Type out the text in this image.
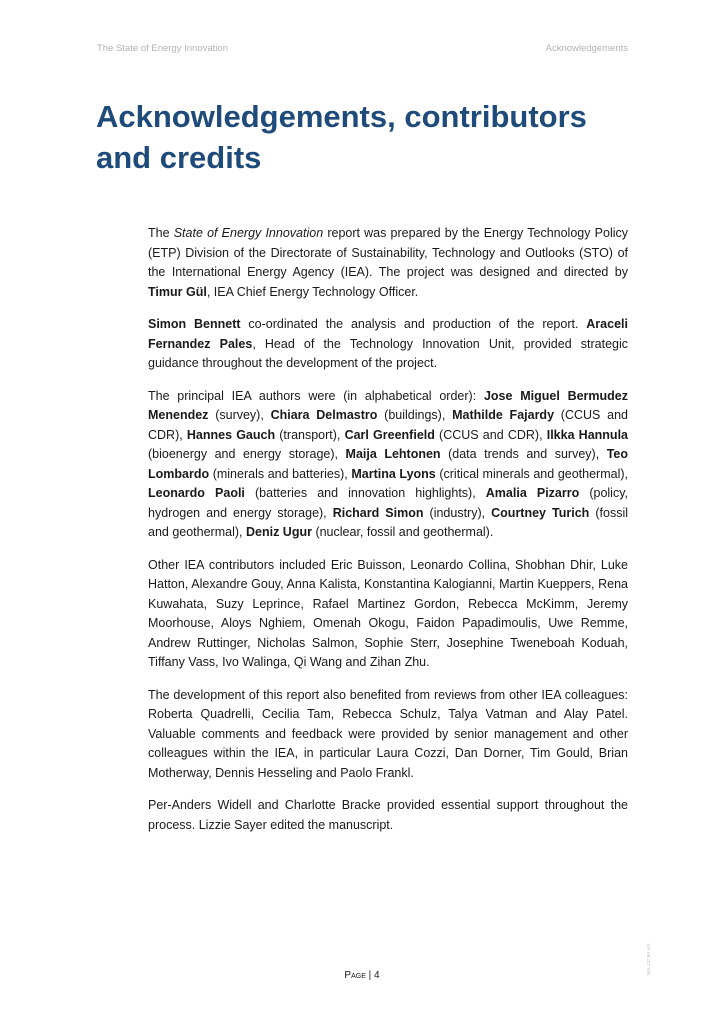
The State of Energy Innovation	Acknowledgements
Acknowledgements, contributors
and credits

The State of Energy Innovation report was prepared by the Energy Technology Policy (ETP) Division of the Directorate of Sustainability, Technology and Outlooks (STO) of the International Energy Agency (IEA). The project was designed and directed by Timur Gül, IEA Chief Energy Technology Officer.

Simon Bennett co-ordinated the analysis and production of the report. Araceli Fernandez Pales, Head of the Technology Innovation Unit, provided strategic guidance throughout the development of the project.

The principal IEA authors were (in alphabetical order): Jose Miguel Bermudez Menendez (survey), Chiara Delmastro (buildings), Mathilde Fajardy (CCUS and CDR), Hannes Gauch (transport), Carl Greenfield (CCUS and CDR), Ilkka Hannula (bioenergy and energy storage), Maija Lehtonen (data trends and survey), Teo Lombardo (minerals and batteries), Martina Lyons (critical minerals and geothermal), Leonardo Paoli (batteries and innovation highlights), Amalia Pizarro (policy, hydrogen and energy storage), Richard Simon (industry), Courtney Turich (fossil and geothermal), Deniz Ugur (nuclear, fossil and geothermal).

Other IEA contributors included Eric Buisson, Leonardo Collina, Shobhan Dhir, Luke Hatton, Alexandre Gouy, Anna Kalista, Konstantina Kalogianni, Martin Kueppers, Rena Kuwahata, Suzy Leprince, Rafael Martinez Gordon, Rebecca McKimm, Jeremy Moorhouse, Aloys Nghiem, Omenah Okogu, Faidon Papadimoulis, Uwe Remme, Andrew Ruttinger, Nicholas Salmon, Sophie Sterr, Josephine Tweneboah Koduah, Tiffany Vass, Ivo Walinga, Qi Wang and Zihan Zhu.

The development of this report also benefited from reviews from other IEA colleagues: Roberta Quadrelli, Cecilia Tam, Rebecca Schulz, Talya Vatman and Alay Patel. Valuable comments and feedback were provided by senior management and other colleagues within the IEA, in particular Laura Cozzi, Dan Dorner, Tim Gould, Brian Motherway, Dennis Hesseling and Paolo Frankl.

Per-Anders Widell and Charlotte Bracke provided essential support throughout the process. Lizzie Sayer edited the manuscript.

Page | 4
IEA. CC BY 4.0.
